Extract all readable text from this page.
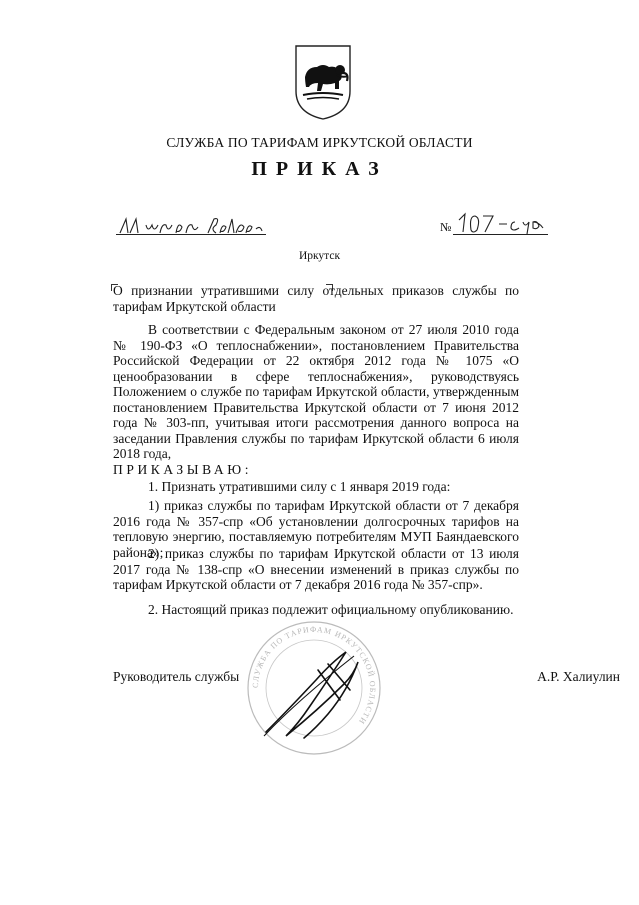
СЛУЖБА ПО ТАРИФАМ ИРКУТСКОЙ ОБЛАСТИ
ПРИКАЗ
№
Иркутск
О признании утратившими силу отдельных приказов службы по тарифам Иркутской области
В соответствии с Федеральным законом от 27 июля 2010 года № 190-ФЗ «О теплоснабжении», постановлением Правительства Российской Федерации от 22 октября 2012 года № 1075 «О ценообразовании в сфере теплоснабжения», руководствуясь Положением о службе по тарифам Иркутской области, утвержденным постановлением Правительства Иркутской области от 7 июня 2012 года № 303-пп, учитывая итоги рассмотрения данного вопроса на заседании Правления службы по тарифам Иркутской области 6 июля 2018 года,
ПРИКАЗЫВАЮ:
1. Признать утратившими силу с 1 января 2019 года:
1) приказ службы по тарифам Иркутской области от 7 декабря 2016 года № 357-спр «Об установлении долгосрочных тарифов на тепловую энергию, поставляемую потребителям МУП Баяндаевского района»;
2) приказ службы по тарифам Иркутской области от 13 июля 2017 года № 138-спр «О внесении изменений в приказ службы по тарифам Иркутской области от 7 декабря 2016 года № 357-спр».
2. Настоящий приказ подлежит официальному опубликованию.
СЛУЖБА ПО ТАРИФАМ ИРКУТСКОЙ ОБЛАСТИ
Руководитель службы	А.Р. Халиулин
